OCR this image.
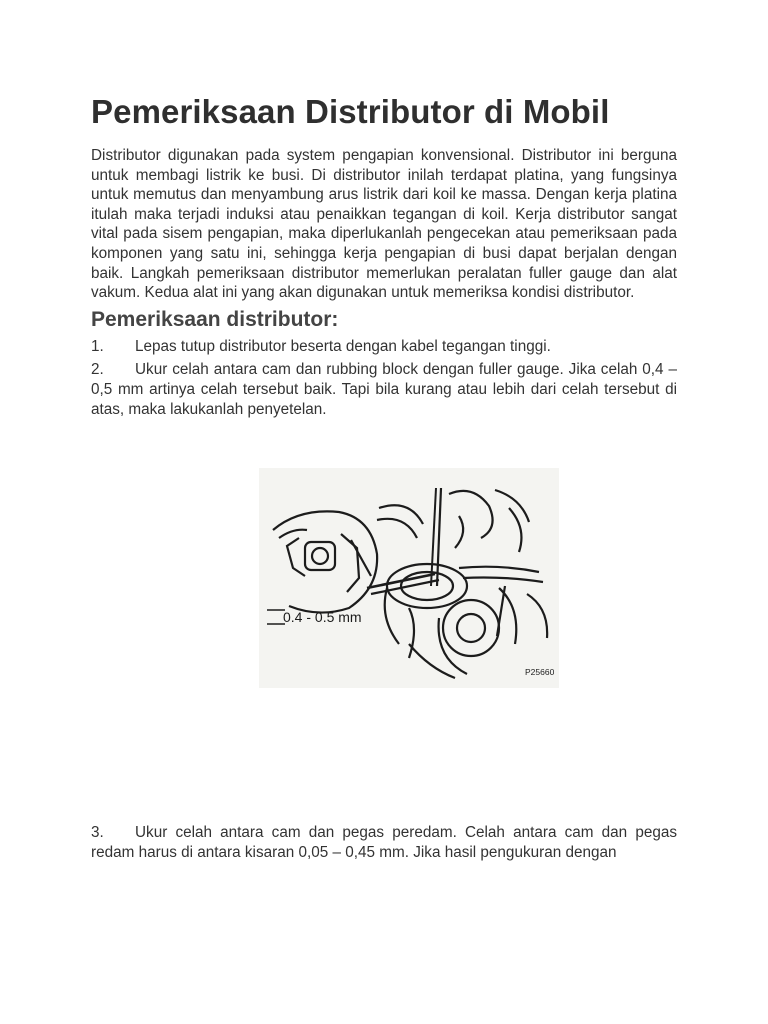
Pemeriksaan Distributor di Mobil

Distributor digunakan pada system pengapian konvensional. Distributor ini berguna untuk membagi listrik ke busi. Di distributor inilah terdapat platina, yang fungsinya untuk memutus dan menyambung arus listrik dari koil ke massa. Dengan kerja platina itulah maka terjadi induksi atau penaikkan tegangan di koil. Kerja distributor sangat vital pada sisem pengapian, maka diperlukanlah pengecekan atau pemeriksaan pada komponen yang satu ini, sehingga kerja pengapian di busi dapat berjalan dengan baik. Langkah pemeriksaan distributor memerlukan peralatan fuller gauge dan alat vakum. Kedua alat ini yang akan digunakan untuk memeriksa kondisi distributor.

Pemeriksaan distributor:

1. Lepas tutup distributor beserta dengan kabel tegangan tinggi.

2. Ukur celah antara cam dan rubbing block dengan fuller gauge. Jika celah 0,4 – 0,5 mm artinya celah tersebut baik. Tapi bila kurang atau lebih dari celah tersebut di atas, maka lakukanlah penyetelan.

0.4 - 0.5 mm
P25660

3. Ukur celah antara cam dan pegas peredam. Celah antara cam dan pegas redam harus di antara kisaran 0,05 – 0,45 mm. Jika hasil pengukuran dengan
